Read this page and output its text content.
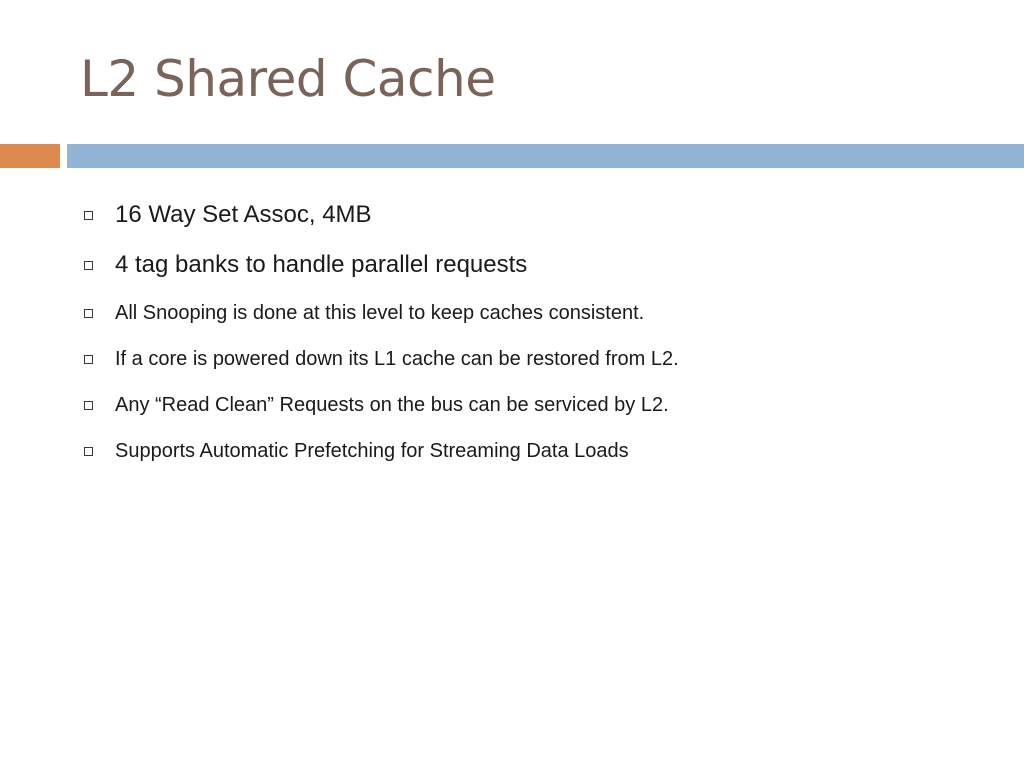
L2 Shared Cache
16 Way Set Assoc, 4MB
4 tag banks to handle parallel requests
All Snooping is done at this level to keep caches consistent.
If a core is powered down its L1 cache can be restored from L2.
Any “Read Clean” Requests on the bus can be serviced by L2.
Supports Automatic Prefetching for Streaming Data Loads
